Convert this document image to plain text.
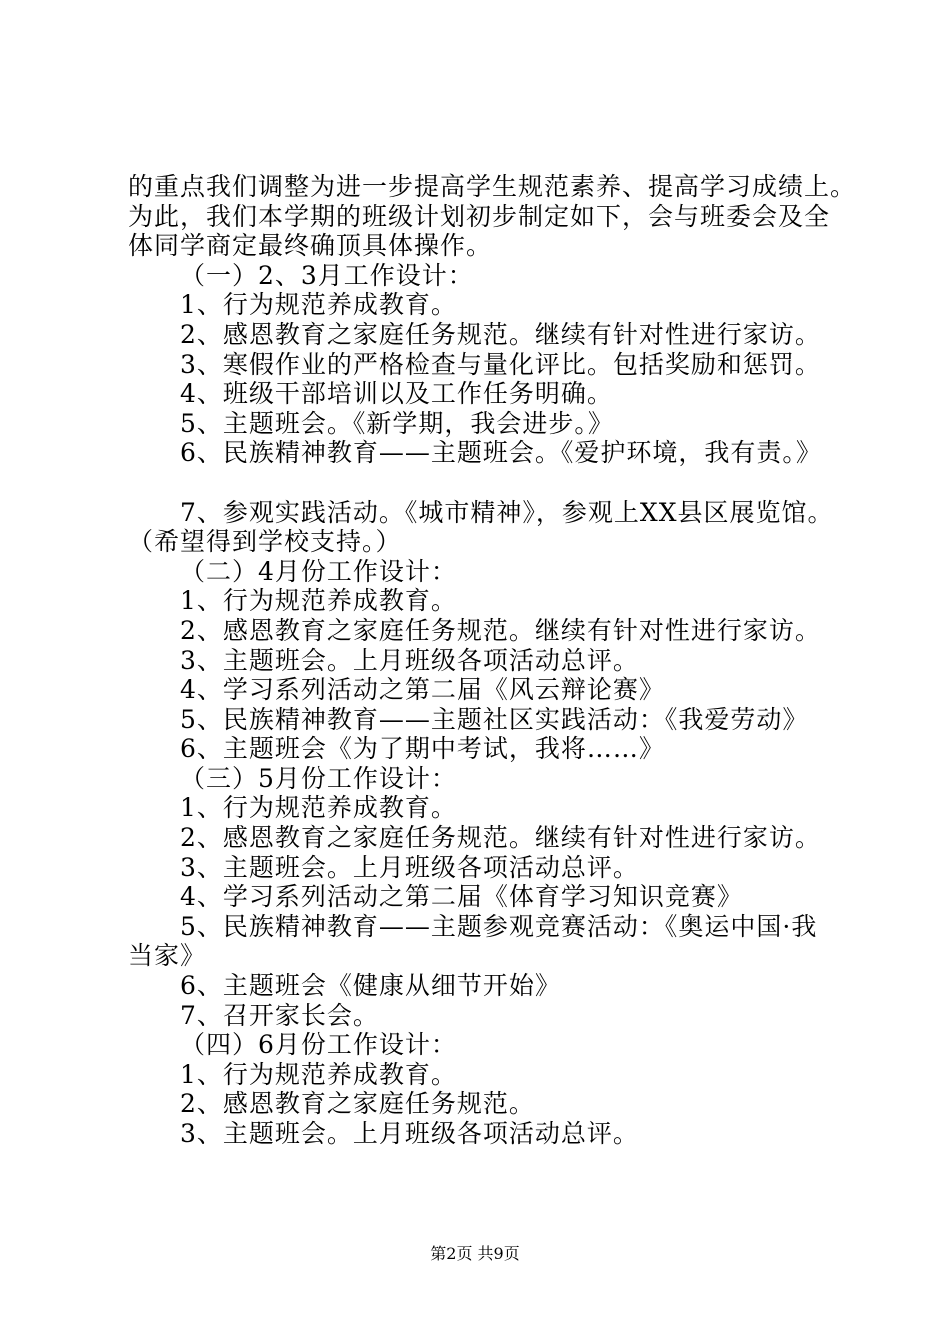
的重点我们调整为进一步提高学生规范素养、提高学习成绩上。
为此，我们本学期的班级计划初步制定如下，会与班委会及全
体同学商定最终确顶具体操作。
（一）2、3月工作设计：
1、行为规范养成教育。
2、感恩教育之家庭任务规范。继续有针对性进行家访。
3、寒假作业的严格检查与量化评比。包括奖励和惩罚。
4、班级干部培训以及工作任务明确。
5、主题班会。《新学期，我会进步。》
6、民族精神教育——主题班会。《爱护环境，我有责。》
7、参观实践活动。《城市精神》，参观上XX县区展览馆。
（希望得到学校支持。）
（二）4月份工作设计：
1、行为规范养成教育。
2、感恩教育之家庭任务规范。继续有针对性进行家访。
3、主题班会。上月班级各项活动总评。
4、学习系列活动之第二届《风云辩论赛》
5、民族精神教育——主题社区实践活动：《我爱劳动》
6、主题班会《为了期中考试，我将……》
（三）5月份工作设计：
1、行为规范养成教育。
2、感恩教育之家庭任务规范。继续有针对性进行家访。
3、主题班会。上月班级各项活动总评。
4、学习系列活动之第二届《体育学习知识竞赛》
5、民族精神教育——主题参观竞赛活动：《奥运中国·我
当家》
6、主题班会《健康从细节开始》
7、召开家长会。
（四）6月份工作设计：
1、行为规范养成教育。
2、感恩教育之家庭任务规范。
3、主题班会。上月班级各项活动总评。
第2页 共9页
